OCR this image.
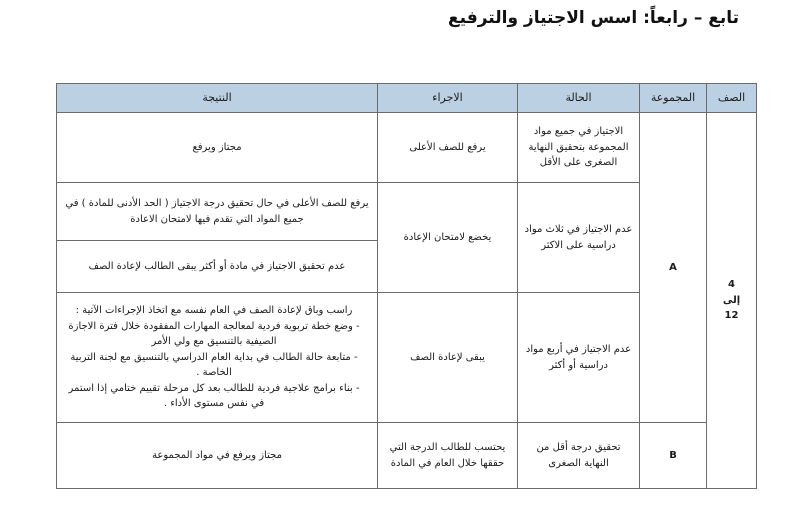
تابع – رابعاً: اسس الاجتياز والترفيع
الصف	المجموعة	الحالة	الاجراء	النتيجة

4
إلى
12	A	الاجتياز في جميع مواد المجموعة بتحقيق النهاية الصغرى على الأقل	يرفع للصف الأعلى	مجتاز ويرفع
		عدم الاجتياز في ثلاث مواد دراسية على الاكثر	يخضع لامتحان الإعادة	يرفع للصف الأعلى في حال تحقيق درجة الاجتياز ( الحد الأدنى للمادة ) في جميع المواد التي تقدم فيها لامتحان الاعادة
				عدم تحقيق الاجتياز في مادة أو أكثر يبقى الطالب لإعادة الصف
		عدم الاجتياز في أربع مواد دراسية أو أكثر	يبقى لإعادة الصف	راسب وباق لإعادة الصف في العام نفسه مع اتخاذ الإجراءات الآتية :
- وضع خطة تربوية فردية لمعالجة المهارات المفقودة خلال فترة الاجازة الصيفية بالتنسيق مع ولي الأمر
- متابعة حالة الطالب في بداية العام الدراسي بالتنسيق مع لجنة التربية الخاصة .
- بناء برامج علاجية فردية للطالب بعد كل مرحلة تقييم ختامي إذا استمر في نفس مستوى الأداء .

	B	تحقيق درجة أقل من النهاية الصغرى	يحتسب للطالب الدرجة التي حققها خلال العام في المادة	مجتاز ويرفع في مواد المجموعة
